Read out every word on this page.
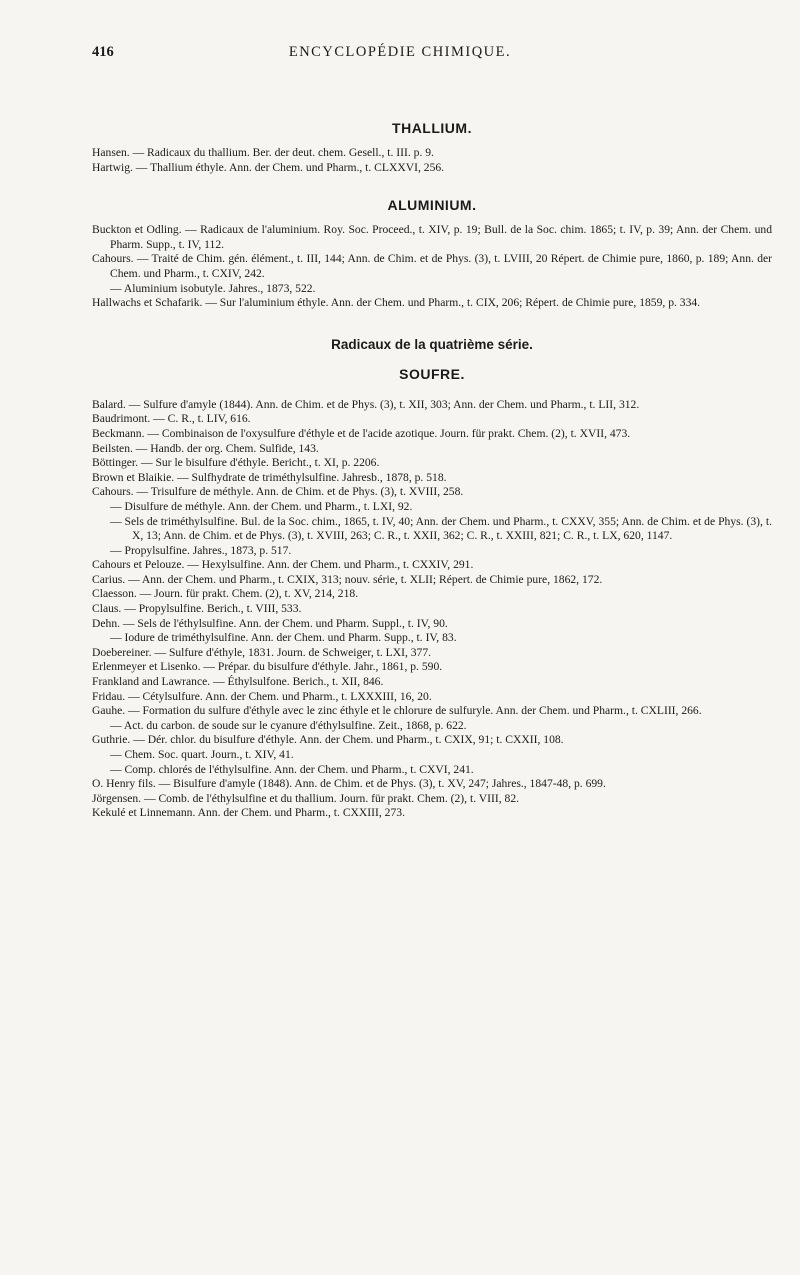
416	ENCYCLOPÉDIE CHIMIQUE.
THALLIUM.
Hansen. — Radicaux du thallium. Ber. der deut. chem. Gesell., t. III. p. 9.
Hartwig. — Thallium éthyle. Ann. der Chem. und Pharm., t. CLXXVI, 256.
ALUMINIUM.
Buckton et Odling. — Radicaux de l'aluminium. Roy. Soc. Proceed., t. XIV, p. 19; Bull. de la Soc. chim. 1865; t. IV, p. 39; Ann. der Chem. und Pharm. Supp., t. IV, 112.
Cahours. — Traité de Chim. gén. élément., t. III, 144; Ann. de Chim. et de Phys. (3), t. LVIII, 20 Répert. de Chimie pure, 1860, p. 189; Ann. der Chem. und Pharm., t. CXIV, 242.
— Aluminium isobutyle. Jahres., 1873, 522.
Hallwachs et Schafarik. — Sur l'aluminium éthyle. Ann. der Chem. und Pharm., t. CIX, 206; Répert. de Chimie pure, 1859, p. 334.
Radicaux de la quatrième série.
SOUFRE.
Balard. — Sulfure d'amyle (1844). Ann. de Chim. et de Phys. (3), t. XII, 303; Ann. der Chem. und Pharm., t. LII, 312.
Baudrimont. — C. R., t. LIV, 616.
Beckmann. — Combinaison de l'oxysulfure d'éthyle et de l'acide azotique. Journ. für prakt. Chem. (2), t. XVII, 473.
Beilsten. — Handb. der org. Chem. Sulfide, 143.
Böttinger. — Sur le bisulfure d'éthyle. Bericht., t. XI, p. 2206.
Brown et Blaikie. — Sulfhydrate de triméthylsulfine. Jahresb., 1878, p. 518.
Cahours. — Trisulfure de méthyle. Ann. de Chim. et de Phys. (3), t. XVIII, 258.
— Disulfure de méthyle. Ann. der Chem. und Pharm., t. LXI, 92.
— Sels de triméthylsulfine. Bul. de la Soc. chim., 1865, t. IV, 40; Ann. der Chem. und Pharm., t. CXXV, 355; Ann. de Chim. et de Phys. (3), t. X, 13; Ann. de Chim. et de Phys. (3), t. XVIII, 263; C. R., t. XXII, 362; C. R., t. XXIII, 821; C. R., t. LX, 620, 1147.
— Propylsulfine. Jahres., 1873, p. 517.
Cahours et Pelouze. — Hexylsulfine. Ann. der Chem. und Pharm., t. CXXIV, 291.
Carius. — Ann. der Chem. und Pharm., t. CXIX, 313; nouv. série, t. XLII; Répert. de Chimie pure, 1862, 172.
Claesson. — Journ. für prakt. Chem. (2), t. XV, 214, 218.
Claus. — Propylsulfine. Berich., t. VIII, 533.
Dehn. — Sels de l'éthylsulfine. Ann. der Chem. und Pharm. Suppl., t. IV, 90.
— Iodure de triméthylsulfine. Ann. der Chem. und Pharm. Supp., t. IV, 83.
Doebereiner. — Sulfure d'éthyle, 1831. Journ. de Schweiger, t. LXI, 377.
Erlenmeyer et Lisenko. — Prépar. du bisulfure d'éthyle. Jahr., 1861, p. 590.
Frankland and Lawrance. — Éthylsulfone. Berich., t. XII, 846.
Fridau. — Cétylsulfure. Ann. der Chem. und Pharm., t. LXXXIII, 16, 20.
Gauhe. — Formation du sulfure d'éthyle avec le zinc éthyle et le chlorure de sulfuryle. Ann. der Chem. und Pharm., t. CXLIII, 266.
— Act. du carbon. de soude sur le cyanure d'éthylsulfine. Zeit., 1868, p. 622.
Guthrie. — Dér. chlor. du bisulfure d'éthyle. Ann. der Chem. und Pharm., t. CXIX, 91; t. CXXII, 108.
— Chem. Soc. quart. Journ., t. XIV, 41.
— Comp. chlorés de l'éthylsulfine. Ann. der Chem. und Pharm., t. CXVI, 241.
O. Henry fils. — Bisulfure d'amyle (1848). Ann. de Chim. et de Phys. (3), t. XV, 247; Jahres., 1847-48, p. 699.
Jörgensen. — Comb. de l'éthylsulfine et du thallium. Journ. für prakt. Chem. (2), t. VIII, 82.
Kekulé et Linnemann. Ann. der Chem. und Pharm., t. CXXIII, 273.
